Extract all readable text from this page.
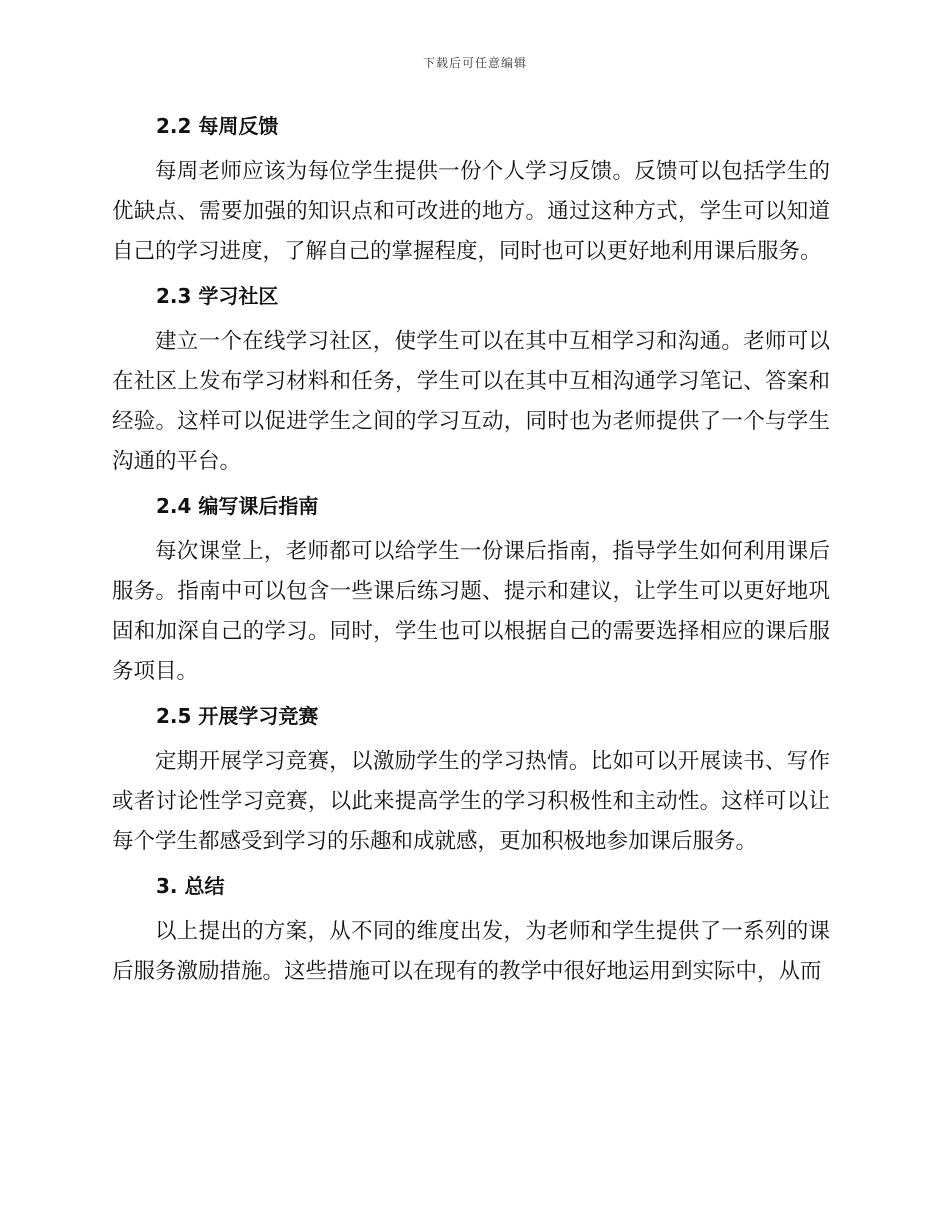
下载后可任意编辑
2.2 每周反馈

每周老师应该为每位学生提供一份个人学习反馈。反馈可以包括学生的优缺点、需要加强的知识点和可改进的地方。通过这种方式，学生可以知道自己的学习进度，了解自己的掌握程度，同时也可以更好地利用课后服务。

2.3 学习社区

建立一个在线学习社区，使学生可以在其中互相学习和沟通。老师可以在社区上发布学习材料和任务，学生可以在其中互相沟通学习笔记、答案和经验。这样可以促进学生之间的学习互动，同时也为老师提供了一个与学生沟通的平台。

2.4 编写课后指南

每次课堂上，老师都可以给学生一份课后指南，指导学生如何利用课后服务。指南中可以包含一些课后练习题、提示和建议，让学生可以更好地巩固和加深自己的学习。同时，学生也可以根据自己的需要选择相应的课后服务项目。

2.5 开展学习竞赛

定期开展学习竞赛，以激励学生的学习热情。比如可以开展读书、写作或者讨论性学习竞赛，以此来提高学生的学习积极性和主动性。这样可以让每个学生都感受到学习的乐趣和成就感，更加积极地参加课后服务。

3. 总结

以上提出的方案，从不同的维度出发，为老师和学生提供了一系列的课后服务激励措施。这些措施可以在现有的教学中很好地运用到实际中，从而
